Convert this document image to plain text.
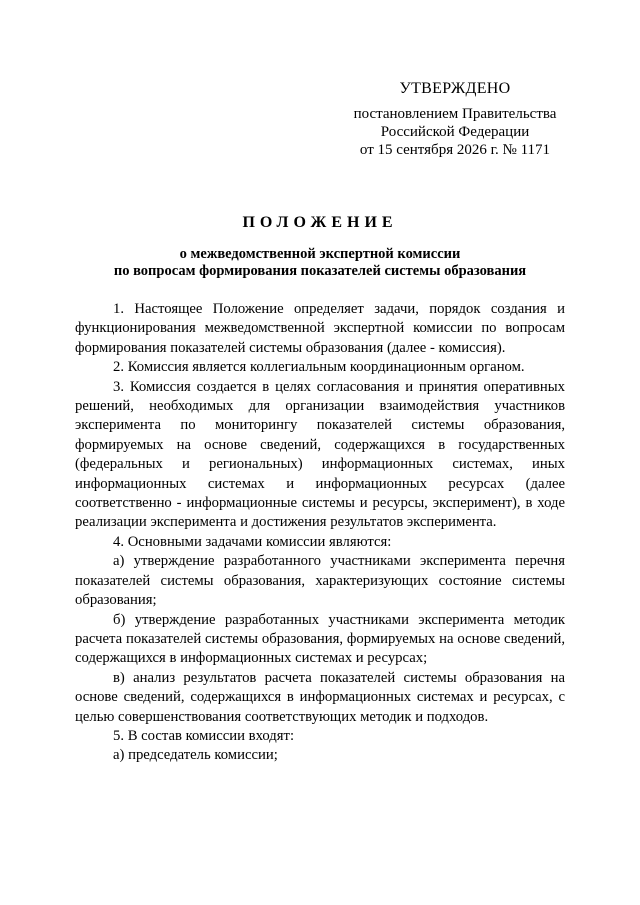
УТВЕРЖДЕНО
постановлением Правительства
Российской Федерации
от 15 сентября 2026 г. № 1171
ПОЛОЖЕНИЕ
о межведомственной экспертной комиссии
по вопросам формирования показателей системы образования

1. Настоящее Положение определяет задачи, порядок создания и функционирования межведомственной экспертной комиссии по вопросам формирования показателей системы образования (далее - комиссия).

2. Комиссия является коллегиальным координационным органом.

3. Комиссия создается в целях согласования и принятия оперативных решений, необходимых для организации взаимодействия участников эксперимента по мониторингу показателей системы образования, формируемых на основе сведений, содержащихся в государственных (федеральных и региональных) информационных системах, иных информационных системах и информационных ресурсах (далее соответственно - информационные системы и ресурсы, эксперимент), в ходе реализации эксперимента и достижения результатов эксперимента.

4. Основными задачами комиссии являются:

а) утверждение разработанного участниками эксперимента перечня показателей системы образования, характеризующих состояние системы образования;

б) утверждение разработанных участниками эксперимента методик расчета показателей системы образования, формируемых на основе сведений, содержащихся в информационных системах и ресурсах;

в) анализ результатов расчета показателей системы образования на основе сведений, содержащихся в информационных системах и ресурсах, с целью совершенствования соответствующих методик и подходов.

5. В состав комиссии входят:

а) председатель комиссии;
